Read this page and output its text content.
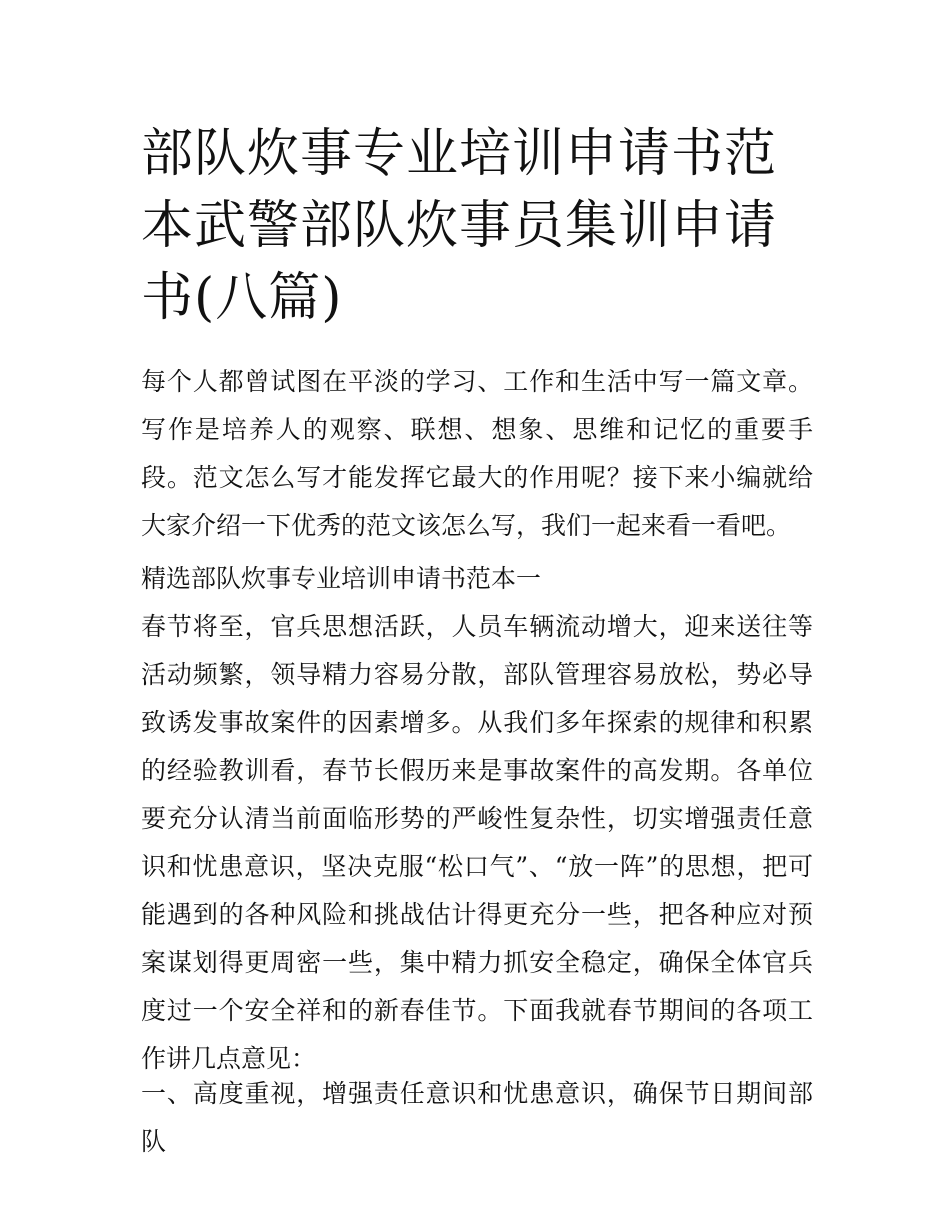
部队炊事专业培训申请书范本武警部队炊事员集训申请书(八篇)

每个人都曾试图在平淡的学习、工作和生活中写一篇文章。写作是培养人的观察、联想、想象、思维和记忆的重要手段。范文怎么写才能发挥它最大的作用呢？接下来小编就给大家介绍一下优秀的范文该怎么写，我们一起来看一看吧。

精选部队炊事专业培训申请书范本一

春节将至，官兵思想活跃，人员车辆流动增大，迎来送往等活动频繁，领导精力容易分散，部队管理容易放松，势必导致诱发事故案件的因素增多。从我们多年探索的规律和积累的经验教训看，春节长假历来是事故案件的高发期。各单位要充分认清当前面临形势的严峻性复杂性，切实增强责任意识和忧患意识，坚决克服“松口气”、“放一阵”的思想，把可能遇到的各种风险和挑战估计得更充分一些，把各种应对预案谋划得更周密一些，集中精力抓安全稳定，确保全体官兵度过一个安全祥和的新春佳节。下面我就春节期间的各项工作讲几点意见：

一、高度重视，增强责任意识和忧患意识，确保节日期间部队
